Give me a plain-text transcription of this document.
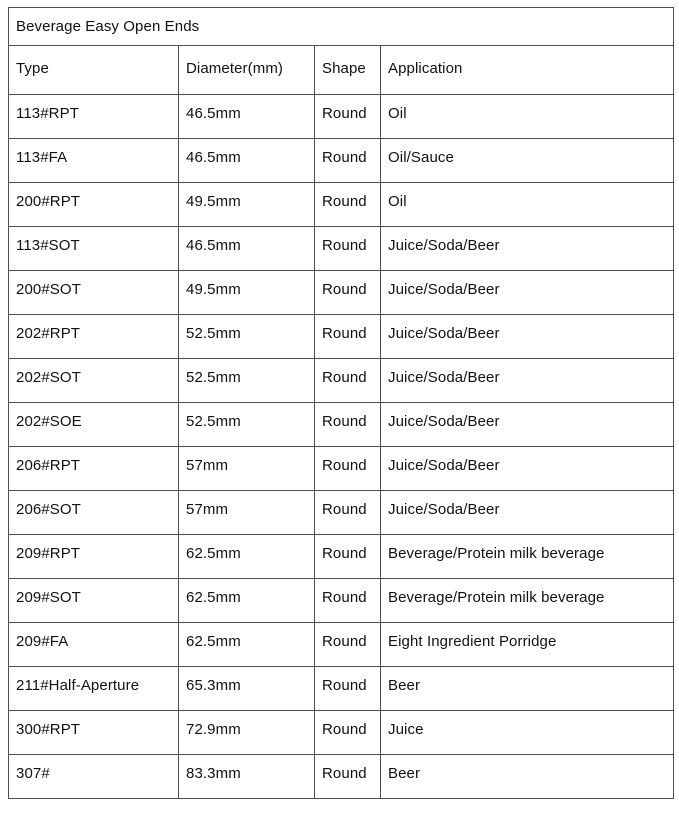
Beverage Easy Open Ends			
Type	Diameter(mm)	Shape	Application
113#RPT	46.5mm	Round	Oil
113#FA	46.5mm	Round	Oil/Sauce
200#RPT	49.5mm	Round	Oil
113#SOT	46.5mm	Round	Juice/Soda/Beer
200#SOT	49.5mm	Round	Juice/Soda/Beer
202#RPT	52.5mm	Round	Juice/Soda/Beer
202#SOT	52.5mm	Round	Juice/Soda/Beer
202#SOE	52.5mm	Round	Juice/Soda/Beer
206#RPT	57mm	Round	Juice/Soda/Beer
206#SOT	57mm	Round	Juice/Soda/Beer
209#RPT	62.5mm	Round	Beverage/Protein milk beverage
209#SOT	62.5mm	Round	Beverage/Protein milk beverage
209#FA	62.5mm	Round	Eight Ingredient Porridge
211#Half-Aperture	65.3mm	Round	Beer
300#RPT	72.9mm	Round	Juice
307#	83.3mm	Round	Beer
